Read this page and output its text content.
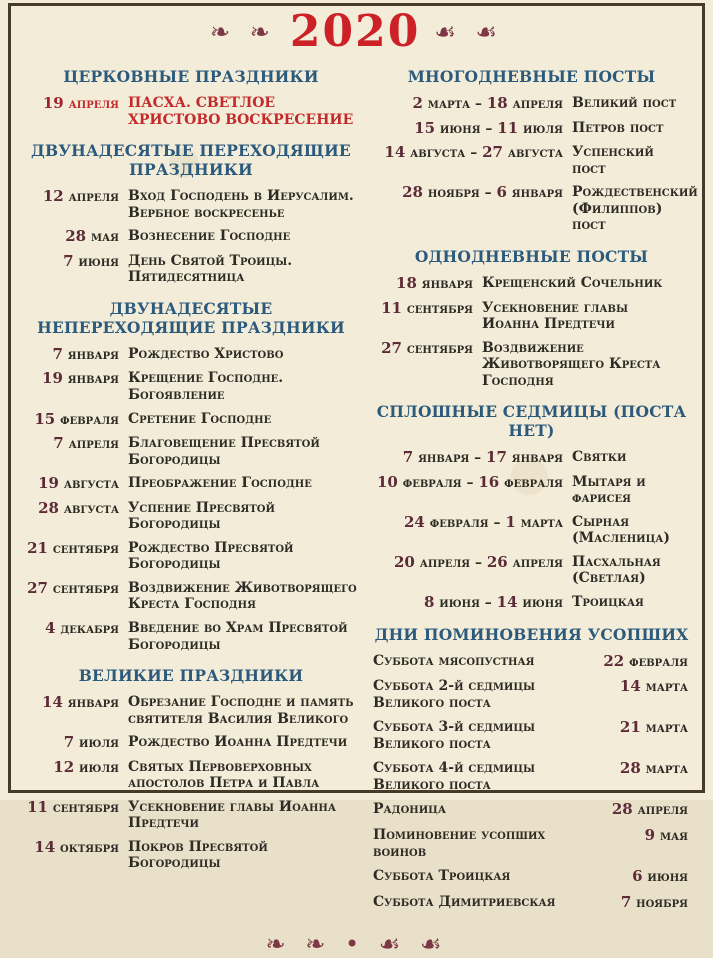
❧ ❧ 2020 ☙ ☙
ЦЕРКОВНЫЕ ПРАЗДНИКИ
19 апреля ПАСХА. СВЕТЛОЕ ХРИСТОВО ВОСКРЕСЕНИЕ
ДВУНАДЕСЯТЫЕ ПЕРЕХОДЯЩИЕ ПРАЗДНИКИ
12 апреля Вход Господень в Иерусалим. Вербное воскресенье
28 мая Вознесение Господне
7 июня День Святой Троицы. Пятидесятница
ДВУНАДЕСЯТЫЕ НЕПЕРЕХОДЯЩИЕ ПРАЗДНИКИ
7 января Рождество Христово
19 января Крещение Господне. Богоявление
15 февраля Сретение Господне
7 апреля Благовещение Пресвятой Богородицы
19 августа Преображение Господне
28 августа Успение Пресвятой Богородицы
21 сентября Рождество Пресвятой Богородицы
27 сентября Воздвижение Животворящего Креста Господня
4 декабря Введение во Храм Пресвятой Богородицы
ВЕЛИКИЕ ПРАЗДНИКИ
14 января Обрезание Господне и память святителя Василия Великого
7 июля Рождество Иоанна Предтечи
12 июля Святых Первоверховных апостолов Петра и Павла
11 сентября Усекновение главы Иоанна Предтечи
14 октября Покров Пресвятой Богородицы
МНОГОДНЕВНЫЕ ПОСТЫ
2 марта – 18 апреля Великий пост
15 июня – 11 июля Петров пост
14 августа – 27 августа Успенский пост
28 ноября – 6 января Рождественский (Филиппов) пост
ОДНОДНЕВНЫЕ ПОСТЫ
18 января Крещенский Сочельник
11 сентября Усекновение главы Иоанна Предтечи
27 сентября Воздвижение Животворящего Креста Господня
СПЛОШНЫЕ СЕДМИЦЫ (ПОСТА НЕТ)
7 января – 17 января Святки
10 февраля – 16 февраля Мытаря и фарисея
24 февраля – 1 марта Сырная (Масленица)
20 апреля – 26 апреля Пасхальная (Светлая)
8 июня – 14 июня Троицкая
ДНИ ПОМИНОВЕНИЯ УСОПШИХ
Суббота мясопустная	22 февраля
Суббота 2-й седмицы Великого поста
14 марта
Суббота 3-й седмицы Великого поста
21 марта
Суббота 4-й седмицы Великого поста
28 марта
Радоница	28 апреля
Поминовение усопших воинов
9 мая
Суббота Троицкая	6 июня
Суббота Димитриевская	7 ноября
❧ ❧ • ☙ ☙
